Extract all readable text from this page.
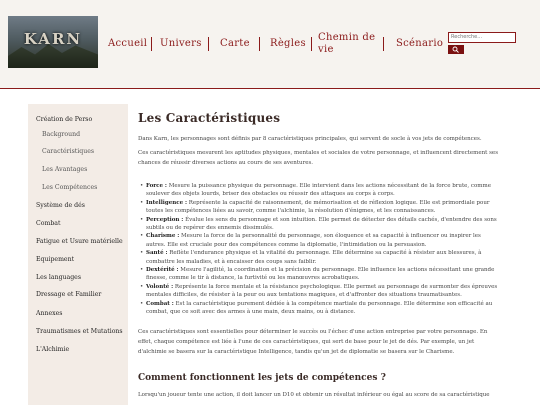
KARN	Accueil Univers Carte Règles
Chemin de vie
Scénario
Recherche...
Création de Perso
Background
Caractéristiques
Les Avantages
Les Compétences
Système de dés
Combat
Fatigue et Usure matérielle
Equipement
Les languages
Dressage et Familier
Annexes
Traumatismes et Mutations
L'Alchimie
Les Caractéristiques

Dans Karn, les personnages sont définis par 8 caractéristiques principales, qui servent de socle à vos jets de compétences.

Ces caractéristiques mesurent les aptitudes physiques, mentales et sociales de votre personnage, et influencent directement ses chances de réussir diverses actions au cours de ses aventures.

• Force : Mesure la puissance physique du personnage. Elle intervient dans les actions nécessitant de la force brute, comme soulever des objets lourds, briser des obstacles ou réussir des attaques au corps à corps.
• Intelligence : Représente la capacité de raisonnement, de mémorisation et de réflexion logique. Elle est primordiale pour toutes les compétences liées au savoir, comme l'alchimie, la résolution d'énigmes, et les connaissances.
• Perception : Évalue les sens du personnage et son intuition. Elle permet de détecter des détails cachés, d'entendre des sons subtils ou de repérer des ennemis dissimulés.
• Charisme : Mesure la force de la personnalité du personnage, son éloquence et sa capacité à influencer ou inspirer les autres. Elle est cruciale pour des compétences comme la diplomatie, l'intimidation ou la persuasion.
• Santé : Reflète l'endurance physique et la vitalité du personnage. Elle détermine sa capacité à résister aux blessures, à combattre les maladies, et à encaisser des coups sans faiblir.
• Dextérité : Mesure l'agilité, la coordination et la précision du personnage. Elle influence les actions nécessitant une grande finesse, comme le tir à distance, la furtivité ou les manœuvres acrobatiques.
• Volonté : Représente la force mentale et la résistance psychologique. Elle permet au personnage de surmonter des épreuves mentales difficiles, de résister à la peur ou aux tentations magiques, et d'affronter des situations traumatisantes.
• Combat : Est la caractéristique purement dédiée à la compétence martiale du personnage. Elle détermine son efficacité au combat, que ce soit avec des armes à une main, deux mains, ou à distance.

Ces caractéristiques sont essentielles pour déterminer le succès ou l'échec d'une action entreprise par votre personnage. En effet, chaque compétence est liée à l'une de ces caractéristiques, qui sert de base pour le jet de dés. Par exemple, un jet d'alchimie se basera sur la caractéristique Intelligence, tandis qu'un jet de diplomatie se basera sur le Charisme.

Comment fonctionnent les jets de compétences ?

Lorsqu'un joueur tente une action, il doit lancer un D10 et obtenir un résultat inférieur ou égal au score de sa caractéristique
